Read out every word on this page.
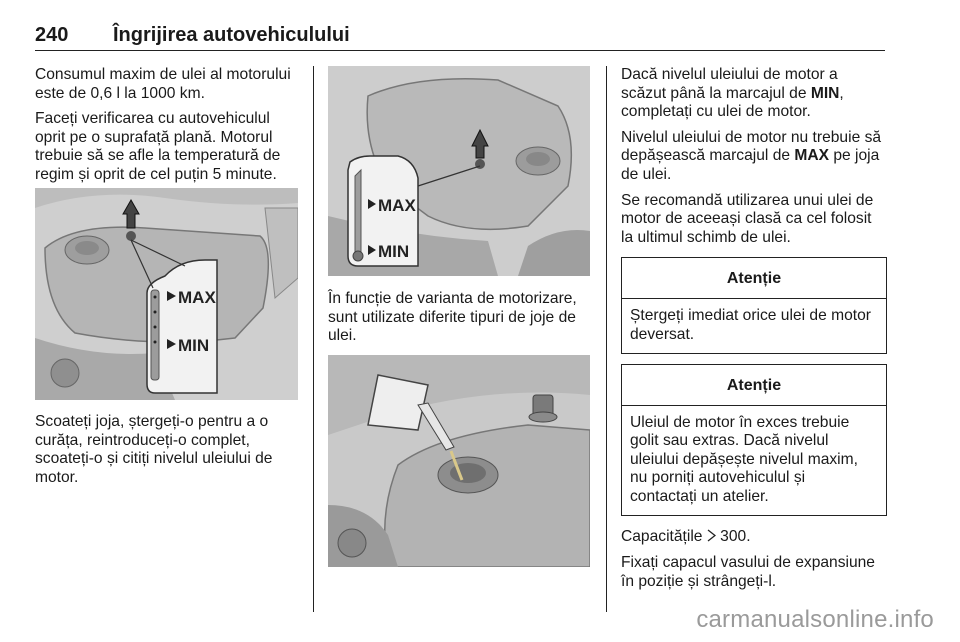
240 Îngrijirea autovehiculului

Consumul maxim de ulei al motorului este de 0,6 l la 1000 km.

Faceți verificarea cu autovehiculul oprit pe o suprafață plană. Motorul trebuie să se afle la temperatură de regim și oprit de cel puțin 5 minute.

MAX
MIN

Scoateți joja, ștergeți-o pentru a o curăța, reintroduceți-o complet, scoateți-o și citiți nivelul uleiului de motor.

MAX
MIN

În funcție de varianta de motorizare, sunt utilizate diferite tipuri de joje de ulei.

Dacă nivelul uleiului de motor a scăzut până la marcajul de MIN, completați cu ulei de motor.

Nivelul uleiului de motor nu trebuie să depășească marcajul de MAX pe joja de ulei.

Se recomandă utilizarea unui ulei de motor de aceeași clasă ca cel folosit la ultimul schimb de ulei.

Atenție
Ștergeți imediat orice ulei de motor deversat.
Atenție
Uleiul de motor în exces trebuie golit sau extras. Dacă nivelul uleiului depășește nivelul maxim, nu porniți autovehiculul și contactați un atelier.

Capacitățile 300.

Fixați capacul vasului de expansiune în poziție și strângeți-l.

carmanualsonline.info
